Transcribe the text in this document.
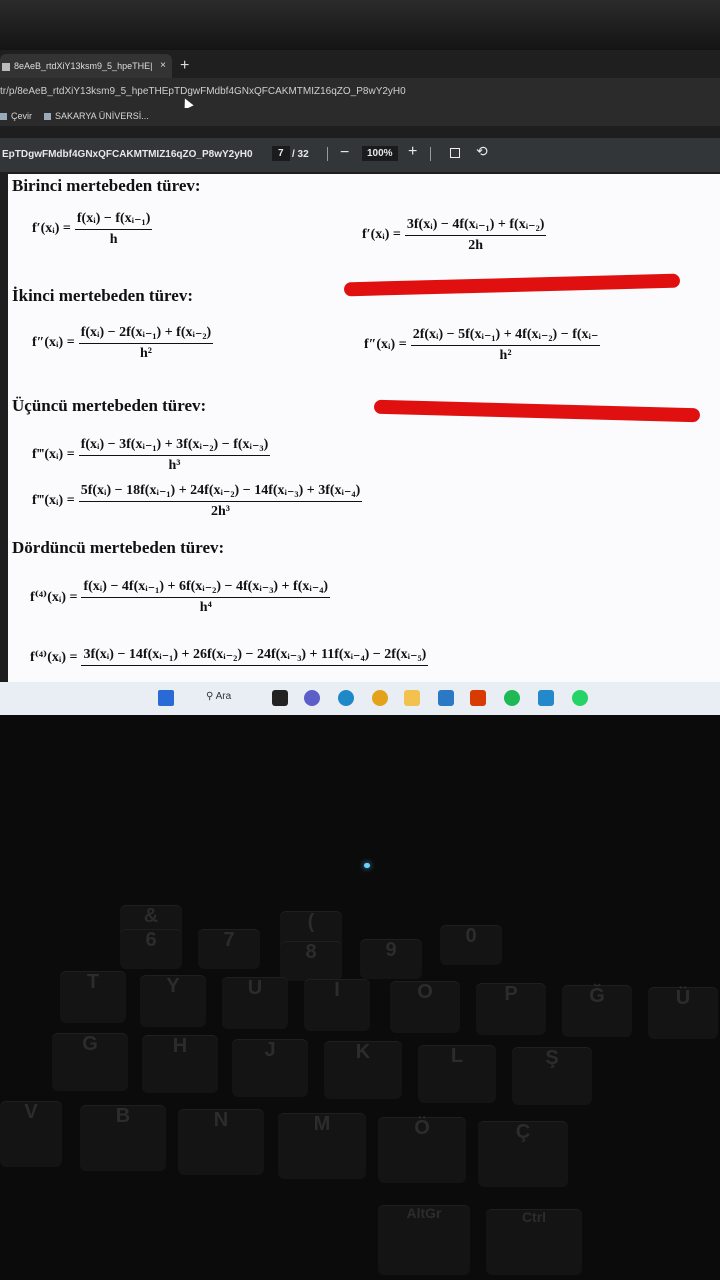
8eAeB_rtdXiY13ksm9_5_hpeTHE| × +
tr/p/8eAeB_rtdXiY13ksm9_5_hpeTHEpTDgwFMdbf4GNxQFCAKMTMIZ16qZO_P8wY2yH0
Çevir	SAKARYA ÜNİVERSİ...
EpTDgwFMdbf4GNxQFCAKMTMIZ16qZO_P8wY2yH0	7 / 32 −	100% +	⟲
Birinci mertebeden türev:
f′(xᵢ) = $\frac{\text{f(xᵢ) − f(xᵢ₋₁)}}{h}$	f′(xᵢ) = $\frac{\text{3f(xᵢ) − 4f(xᵢ₋₁) + f(xᵢ₋₂)}}{2h}$
İkinci mertebeden türev:
f″(xᵢ) = $\frac{\text{f(xᵢ) − 2f(xᵢ₋₁) + f(xᵢ₋₂)}}{\text{h²}}$	f″(xᵢ) = $\frac{\text{2f(xᵢ) − 5f(xᵢ₋₁) + 4f(xᵢ₋₂) − f(xᵢ₋}}{\text{h²}}$
Üçüncü mertebeden türev:
f‴(xᵢ) = $\frac{\text{f(xᵢ) − 3f(xᵢ₋₁) + 3f(xᵢ₋₂) − f(xᵢ₋₃)}}{\text{h³}}$
f‴(xᵢ) = $\frac{\text{5f(xᵢ) − 18f(xᵢ₋₁) + 24f(xᵢ₋₂) − 14f(xᵢ₋₃) + 3f(xᵢ₋₄)}}{\text{2h³}}$
Dördüncü mertebeden türev:
f⁽⁴⁾(xᵢ) = $\frac{\text{f(xᵢ) − 4f(xᵢ₋₁) + 6f(xᵢ₋₂) − 4f(xᵢ₋₃) + f(xᵢ₋₄)}}{\text{h⁴}}$
f⁽⁴⁾(xᵢ) = 3f(xᵢ) − 14f(xᵢ₋₁) + 26f(xᵢ₋₂) − 24f(xᵢ₋₃) + 11f(xᵢ₋₄) − 2f(xᵢ₋₅)
⚲ Ara
&
6	7
(
8	9
0
T	Y	U	I	O	P	Ğ	Ü
G	H	J	K	L	Ş
V	B	N	M	Ö	Ç
AltGr	Ctrl
